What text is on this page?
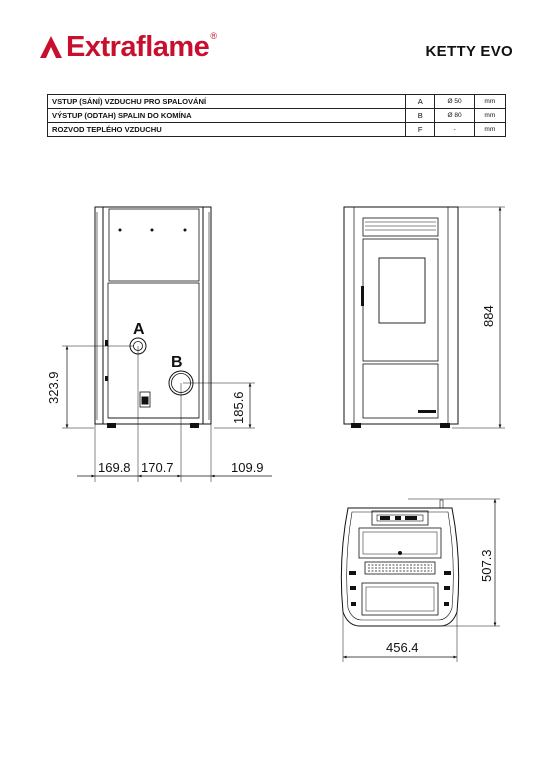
Extraflame ®
KETTY EVO
VSTUP (SÁNÍ) VZDUCHU PRO SPALOVÁNÍ	A	Ø 50	mm
VÝSTUP (ODTAH) SPALIN DO KOMÍNA	B	Ø 80	mm
ROZVOD TEPLÉHO VZDUCHU	F	-	mm
A
B
323.9
185.6
169.8 170.7	109.9
884
507.3
456.4
